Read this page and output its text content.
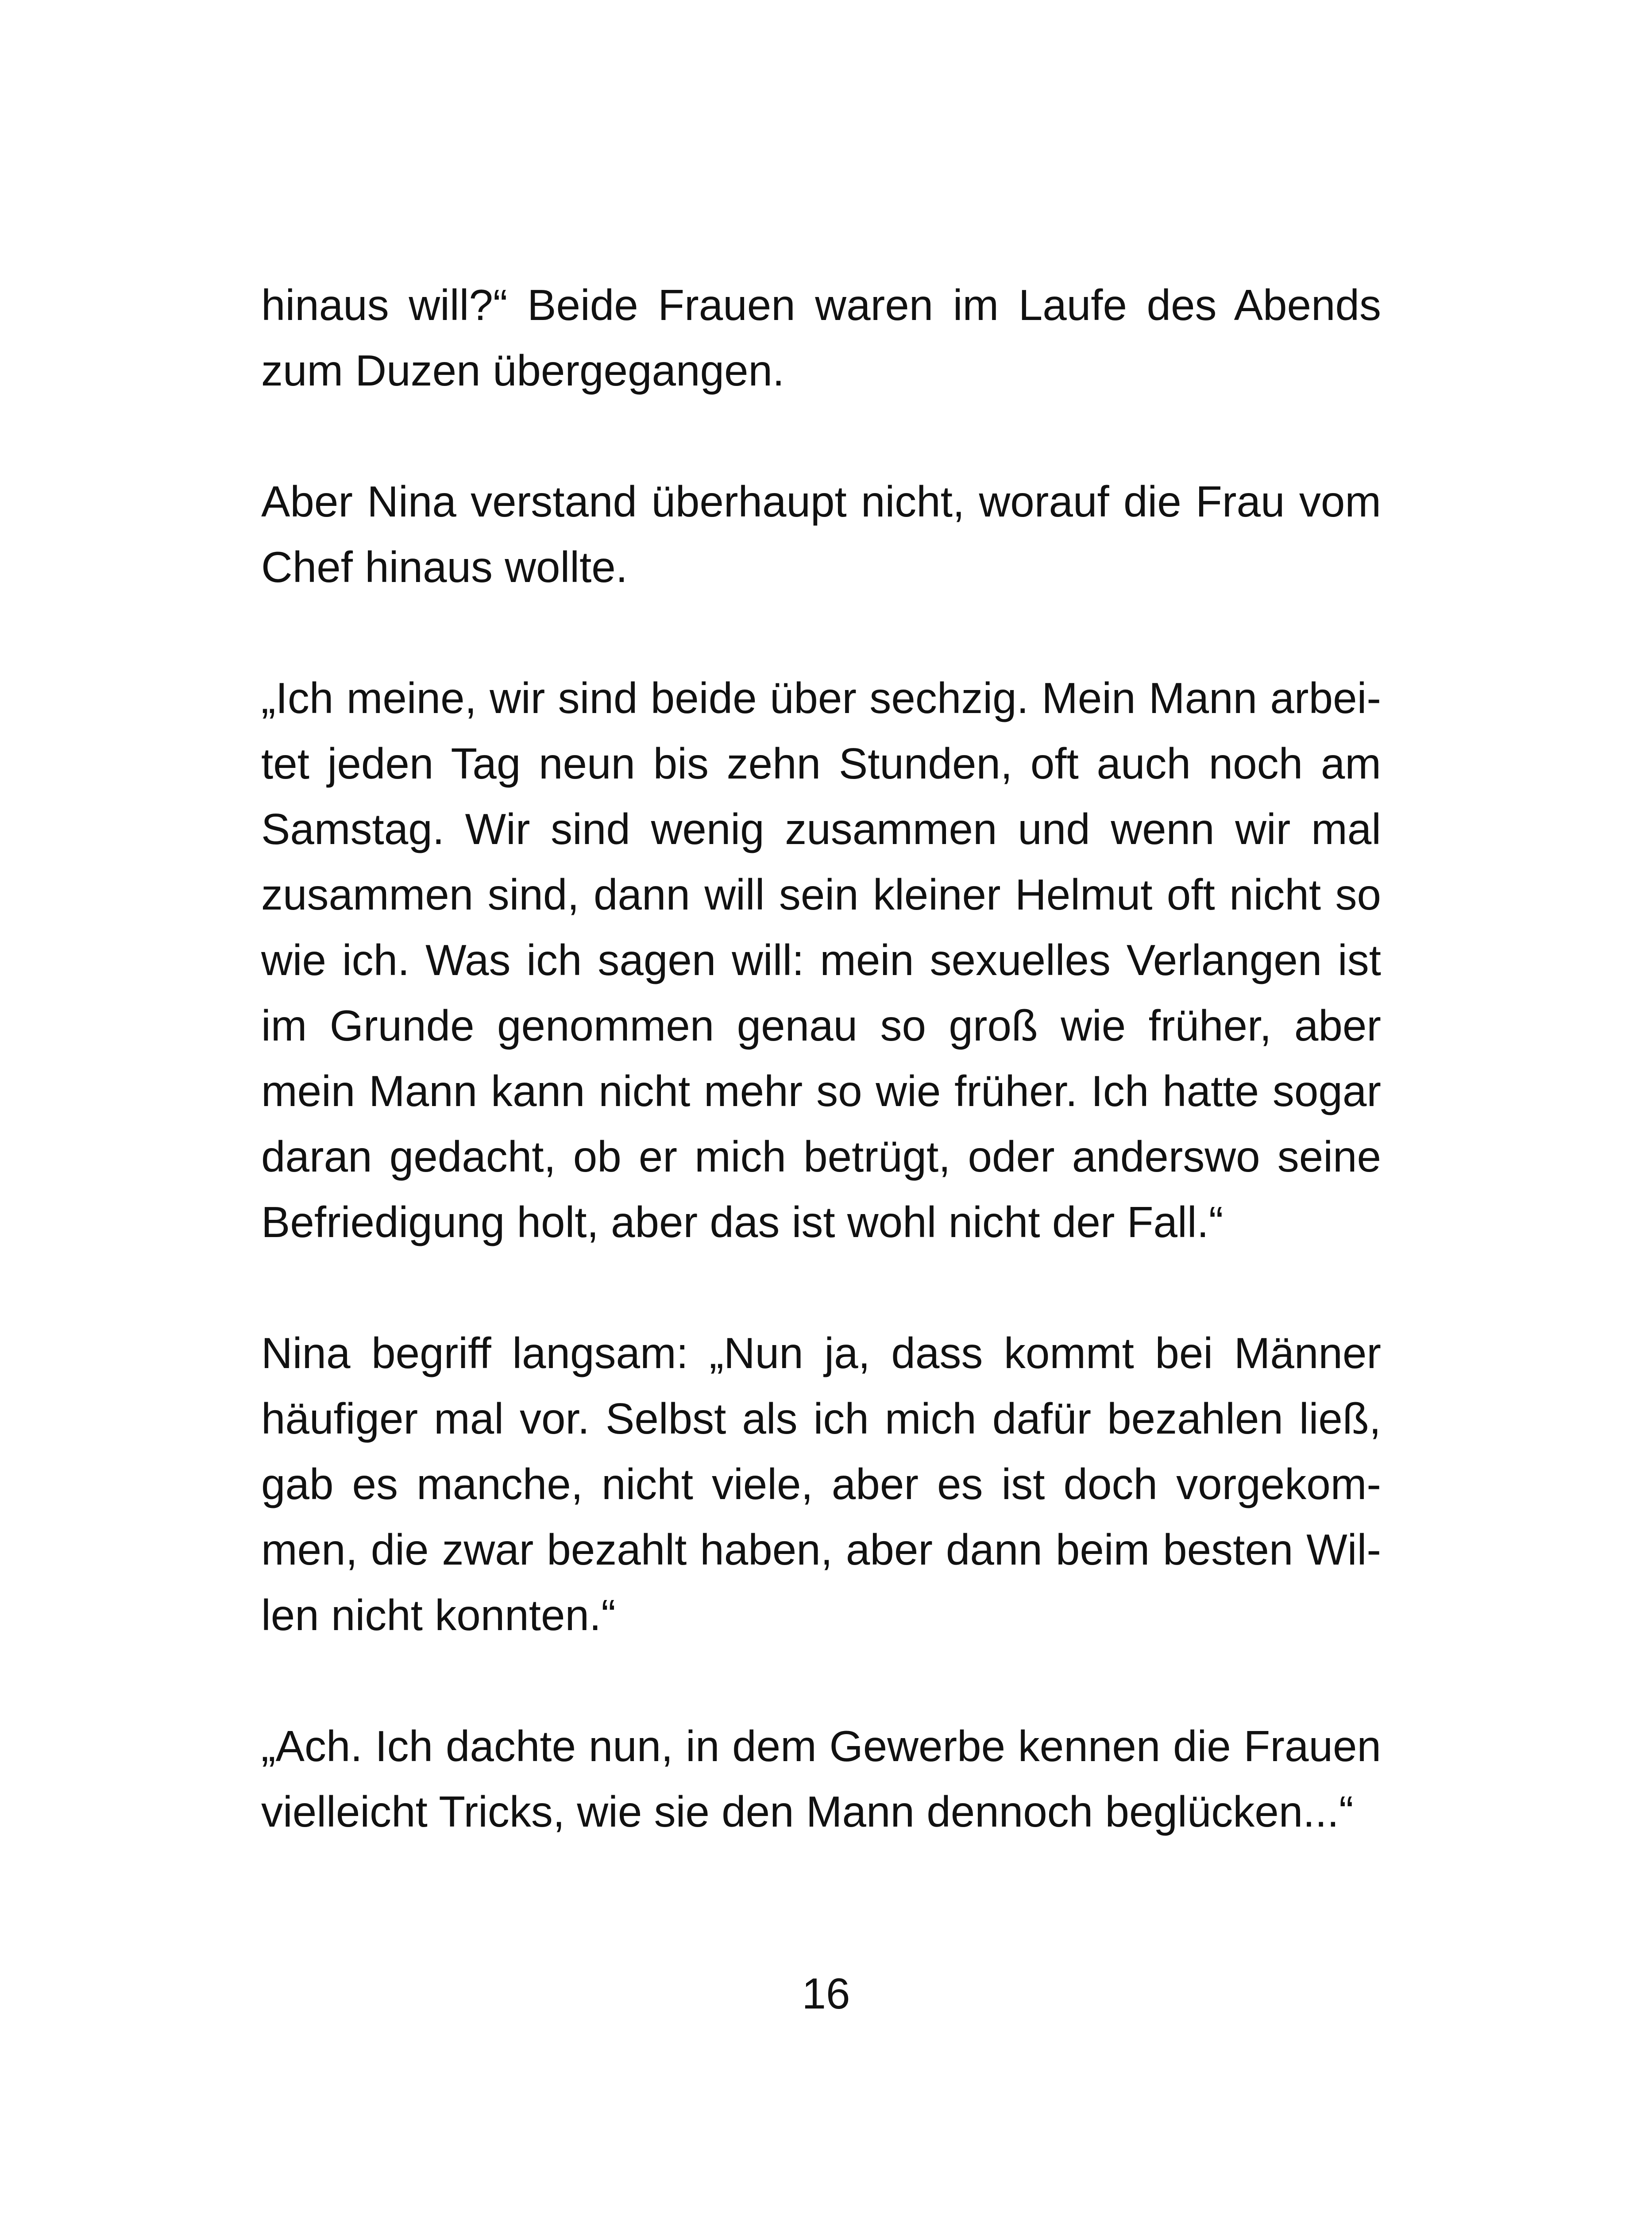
hinaus will?“ Beide Frauen waren im Laufe des Abends zum Duzen übergegangen.

Aber Nina verstand überhaupt nicht, worauf die Frau vom Chef hinaus wollte.

„Ich meine, wir sind beide über sechzig. Mein Mann arbeitet jeden Tag neun bis zehn Stunden, oft auch noch am Samstag. Wir sind wenig zusammen und wenn wir mal zusammen sind, dann will sein kleiner Helmut oft nicht so wie ich. Was ich sagen will: mein sexuelles Verlangen ist im Grunde genommen genau so groß wie früher, aber mein Mann kann nicht mehr so wie früher. Ich hatte sogar daran gedacht, ob er mich betrügt, oder anderswo seine Befriedigung holt, aber das ist wohl nicht der Fall.“

Nina begriff langsam: „Nun ja, dass kommt bei Männer häufiger mal vor. Selbst als ich mich dafür bezahlen ließ, gab es manche, nicht viele, aber es ist doch vorgekommen, die zwar bezahlt haben, aber dann beim besten Willen nicht konnten.“

„Ach. Ich dachte nun, in dem Gewerbe kennen die Frauen vielleicht Tricks, wie sie den Mann dennoch beglücken...“

16
